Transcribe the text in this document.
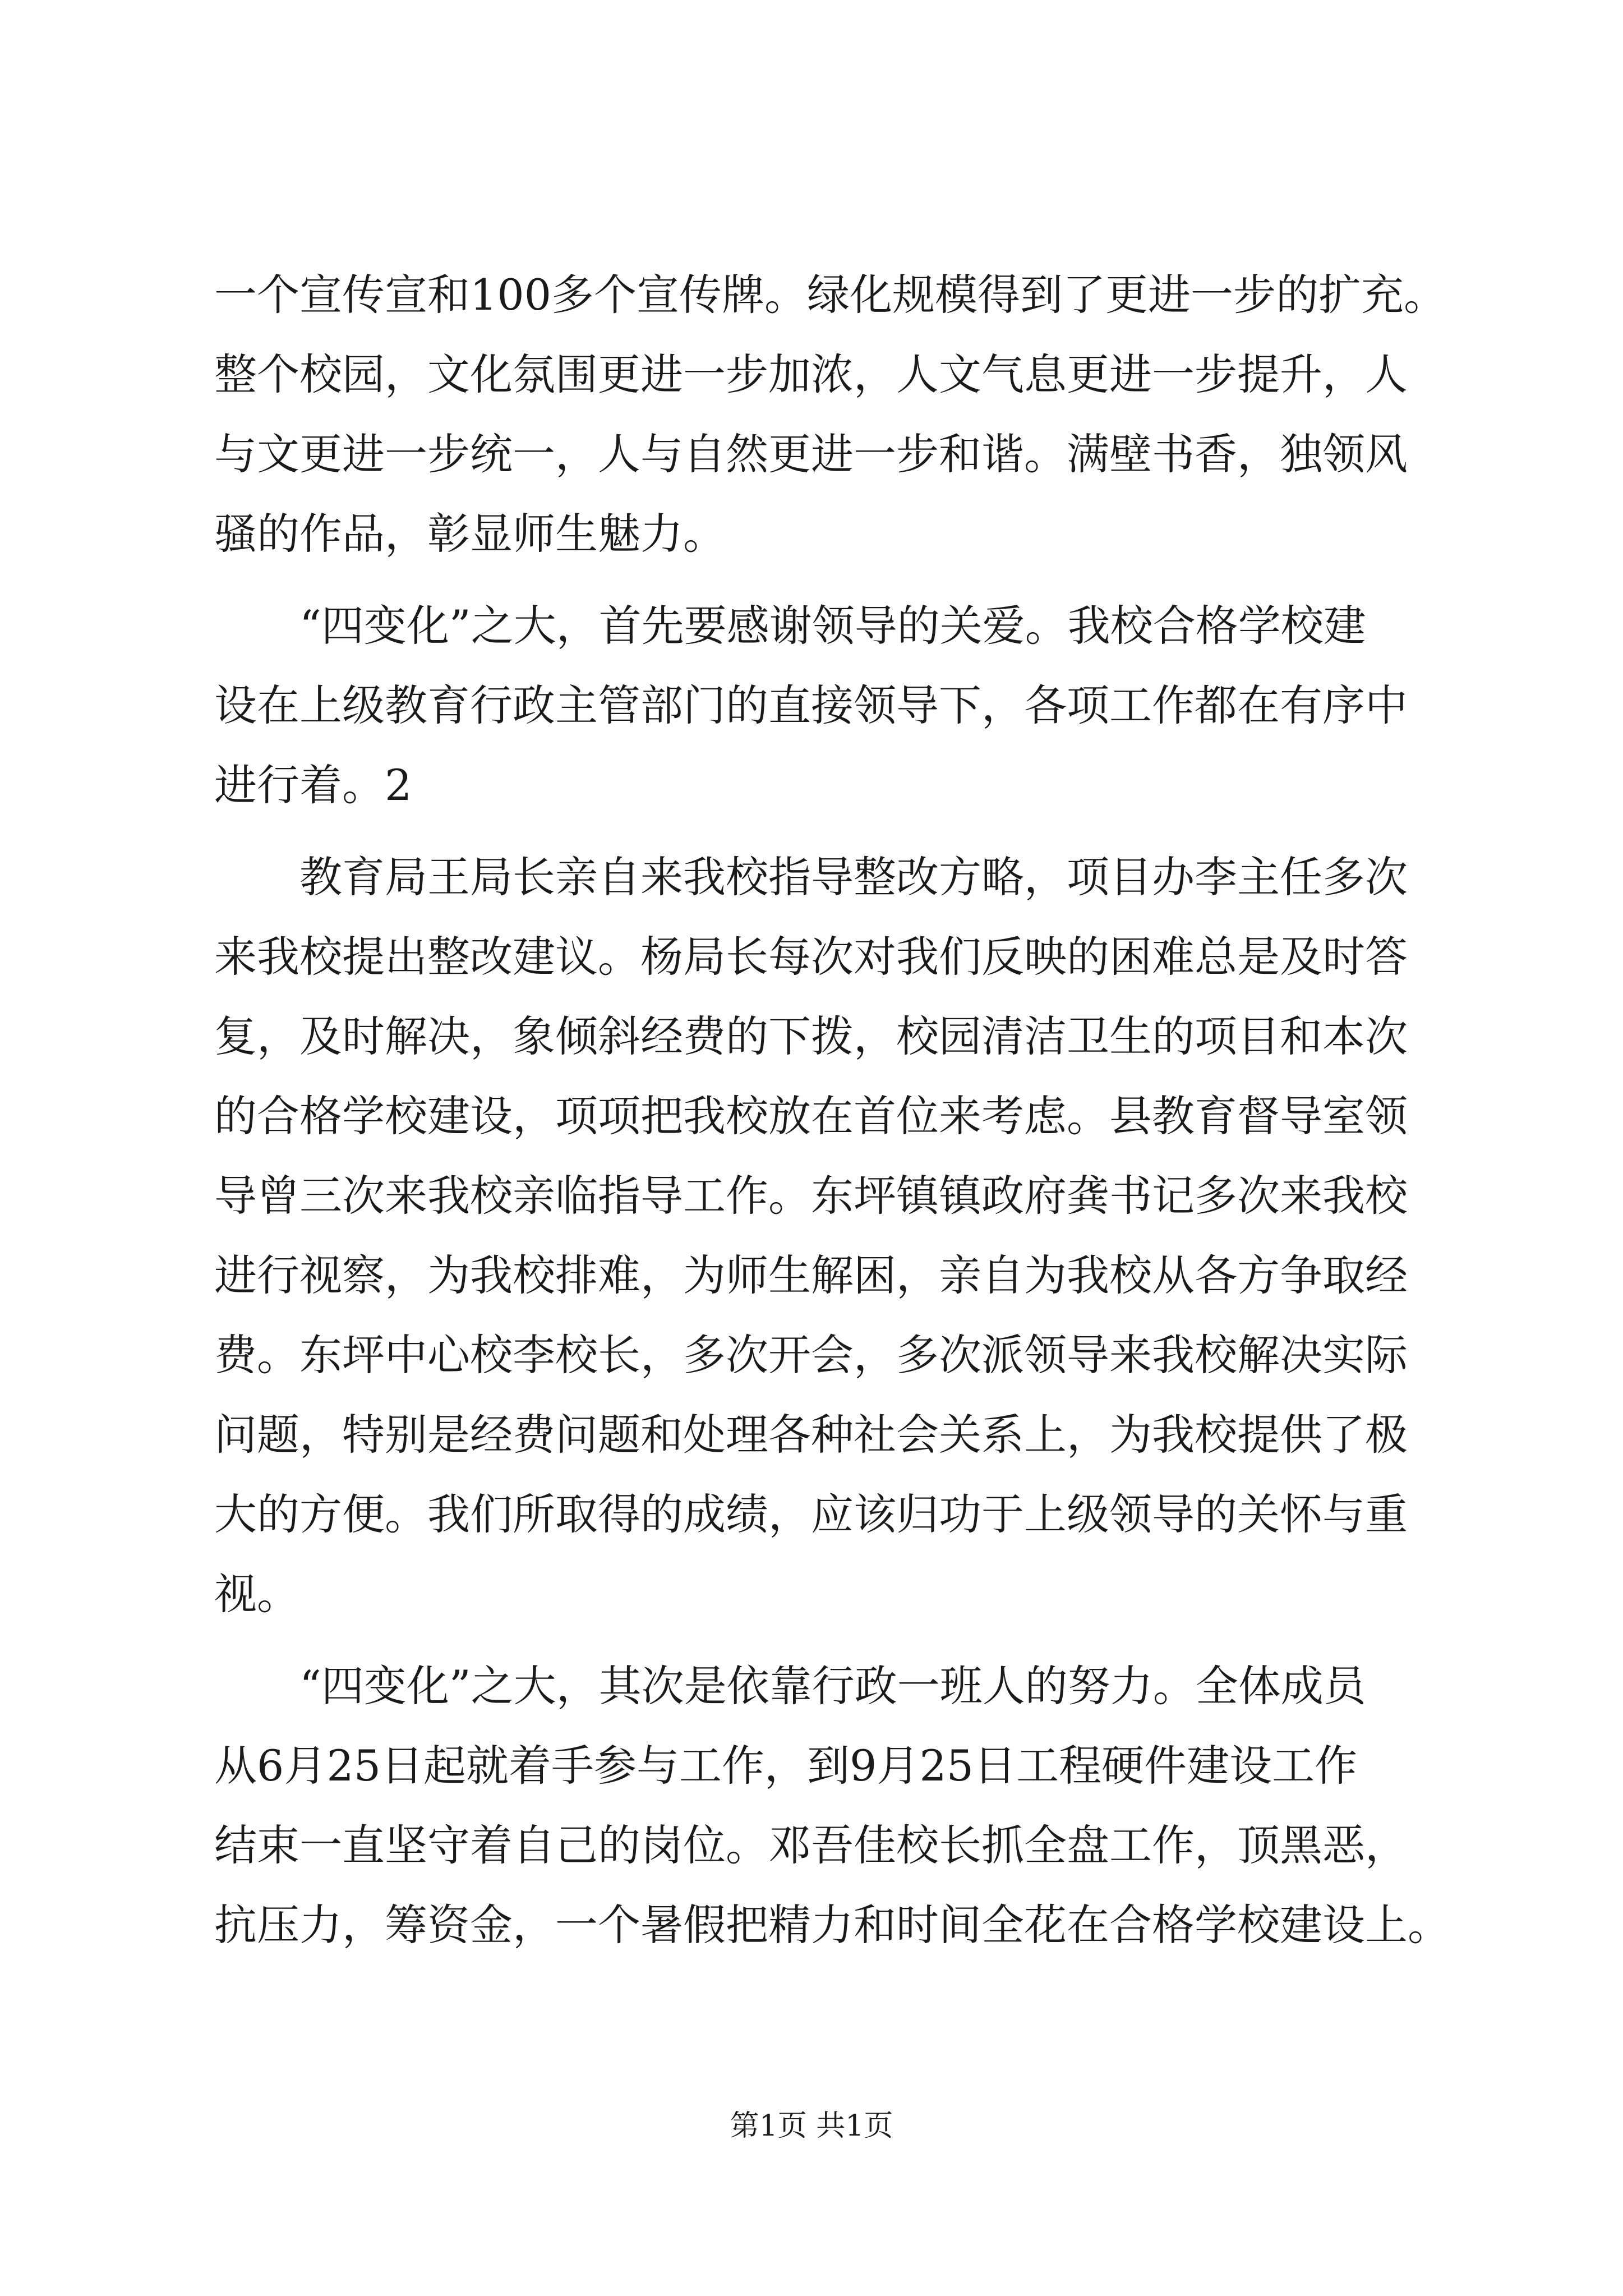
一个宣传宣和100多个宣传牌。绿化规模得到了更进一步的扩充。
整个校园，文化氛围更进一步加浓，人文气息更进一步提升，人
与文更进一步统一，人与自然更进一步和谐。满壁书香，独领风
骚的作品，彰显师生魅力。
　　“四变化”之大，首先要感谢领导的关爱。我校合格学校建
设在上级教育行政主管部门的直接领导下，各项工作都在有序中
进行着。2
　　教育局王局长亲自来我校指导整改方略，项目办李主任多次
来我校提出整改建议。杨局长每次对我们反映的困难总是及时答
复，及时解决，象倾斜经费的下拨，校园清洁卫生的项目和本次
的合格学校建设，项项把我校放在首位来考虑。县教育督导室领
导曾三次来我校亲临指导工作。东坪镇镇政府龚书记多次来我校
进行视察，为我校排难，为师生解困，亲自为我校从各方争取经
费。东坪中心校李校长，多次开会，多次派领导来我校解决实际
问题，特别是经费问题和处理各种社会关系上，为我校提供了极
大的方便。我们所取得的成绩，应该归功于上级领导的关怀与重
视。
　　“四变化”之大，其次是依靠行政一班人的努力。全体成员
从6月25日起就着手参与工作，到9月25日工程硬件建设工作
结束一直坚守着自己的岗位。邓吾佳校长抓全盘工作，顶黑恶，
抗压力，筹资金，一个暑假把精力和时间全花在合格学校建设上。
第1页 共1页
